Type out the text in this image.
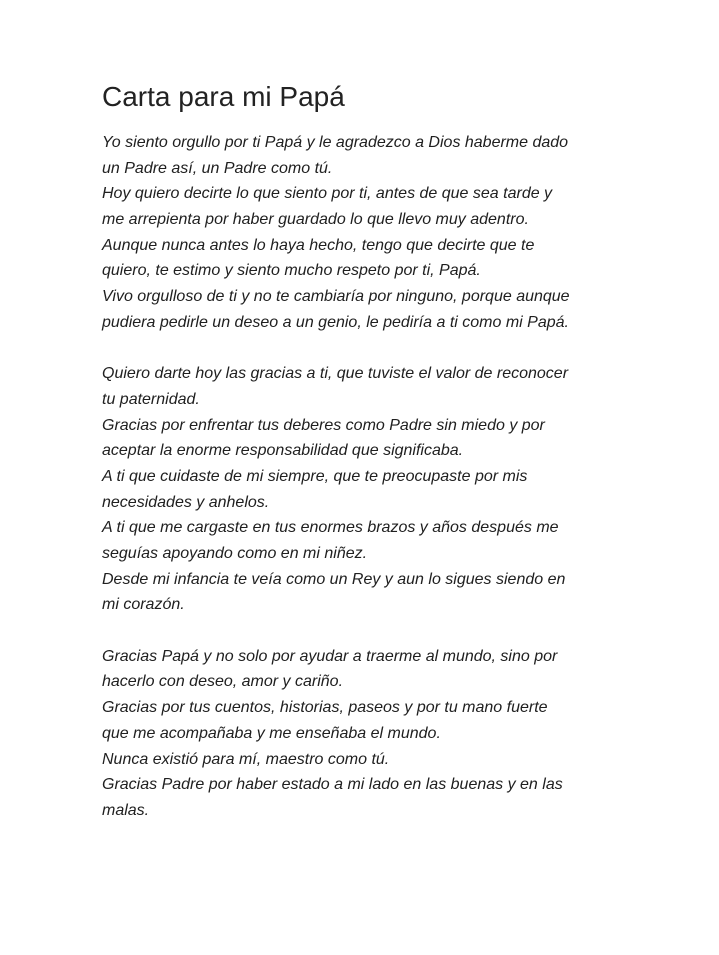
Carta para mi Papá
Yo siento orgullo por ti Papá y le agradezco a Dios haberme dado
un Padre así, un Padre como tú.
Hoy quiero decirte lo que siento por ti, antes de que sea tarde y
me arrepienta por haber guardado lo que llevo muy adentro.
Aunque nunca antes lo haya hecho, tengo que decirte que te
quiero, te estimo y siento mucho respeto por ti, Papá.
Vivo orgulloso de ti y no te cambiaría por ninguno, porque aunque
pudiera pedirle un deseo a un genio, le pediría a ti como mi Papá.
Quiero darte hoy las gracias a ti, que tuviste el valor de reconocer
tu paternidad.
Gracias por enfrentar tus deberes como Padre sin miedo y por
aceptar la enorme responsabilidad que significaba.
A ti que cuidaste de mi siempre, que te preocupaste por mis
necesidades y anhelos.
A ti que me cargaste en tus enormes brazos y años después me
seguías apoyando como en mi niñez.
Desde mi infancia te veía como un Rey y aun lo sigues siendo en
mi corazón.
Gracias Papá y no solo por ayudar a traerme al mundo, sino por
hacerlo con deseo, amor y cariño.
Gracias por tus cuentos, historias, paseos y por tu mano fuerte
que me acompañaba y me enseñaba el mundo.
Nunca existió para mí, maestro como tú.
Gracias Padre por haber estado a mi lado en las buenas y en las
malas.
